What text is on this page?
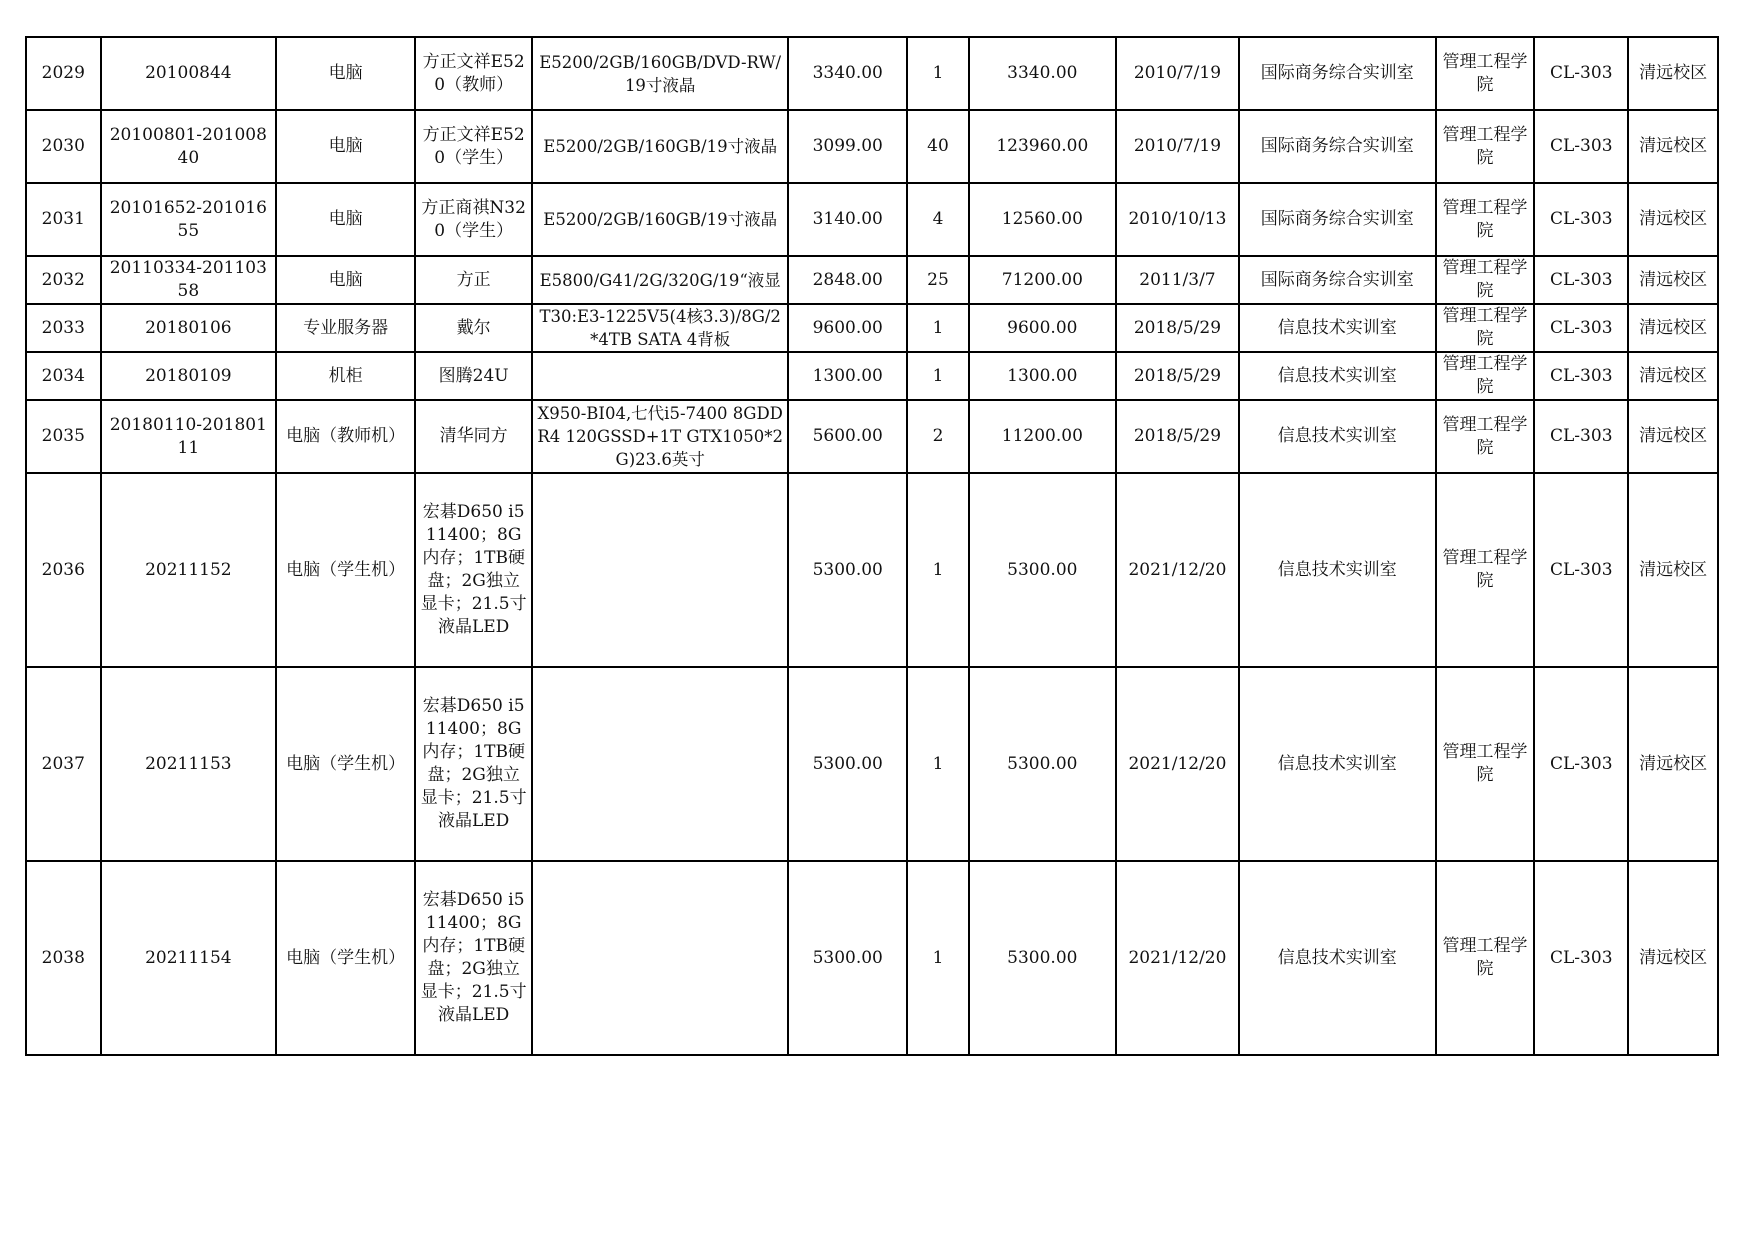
2029	20100844	电脑	方正文祥E520（教师）	E5200/2GB/160GB/DVD-RW/19寸液晶	3340.00	1	3340.00	2010/7/19	国际商务综合实训室	管理工程学院	CL-303	清远校区
2030	20100801-20100840	电脑	方正文祥E520（学生）	E5200/2GB/160GB/19寸液晶	3099.00	40	123960.00	2010/7/19	国际商务综合实训室	管理工程学院	CL-303	清远校区
2031	20101652-20101655	电脑	方正商祺N320（学生）	E5200/2GB/160GB/19寸液晶	3140.00	4	12560.00	2010/10/13	国际商务综合实训室	管理工程学院	CL-303	清远校区
2032	20110334-20110358	电脑	方正	E5800/G41/2G/320G/19“液显	2848.00	25	71200.00	2011/3/7	国际商务综合实训室	管理工程学院	CL-303	清远校区
2033	20180106	专业服务器	戴尔	T30:E3-1225V5(4核3.3)/8G/2*4TB SATA 4背板	9600.00	1	9600.00	2018/5/29	信息技术实训室	管理工程学院	CL-303	清远校区
2034	20180109	机柜	图腾24U		1300.00	1	1300.00	2018/5/29	信息技术实训室	管理工程学院	CL-303	清远校区
2035	20180110-20180111	电脑（教师机）	清华同方	X950-BI04,七代i5-7400 8GDDR4 120GSSD+1T GTX1050*2G)23.6英寸	5600.00	2	11200.00	2018/5/29	信息技术实训室	管理工程学院	CL-303	清远校区
2036	20211152	电脑（学生机）	宏碁D650 i5 11400；8G内存；1TB硬盘；2G独立显卡；21.5寸液晶LED		5300.00	1	5300.00	2021/12/20	信息技术实训室	管理工程学院	CL-303	清远校区
2037	20211153	电脑（学生机）	宏碁D650 i5 11400；8G内存；1TB硬盘；2G独立显卡；21.5寸液晶LED		5300.00	1	5300.00	2021/12/20	信息技术实训室	管理工程学院	CL-303	清远校区
2038	20211154	电脑（学生机）	宏碁D650 i5 11400；8G内存；1TB硬盘；2G独立显卡；21.5寸液晶LED		5300.00	1	5300.00	2021/12/20	信息技术实训室	管理工程学院	CL-303	清远校区
